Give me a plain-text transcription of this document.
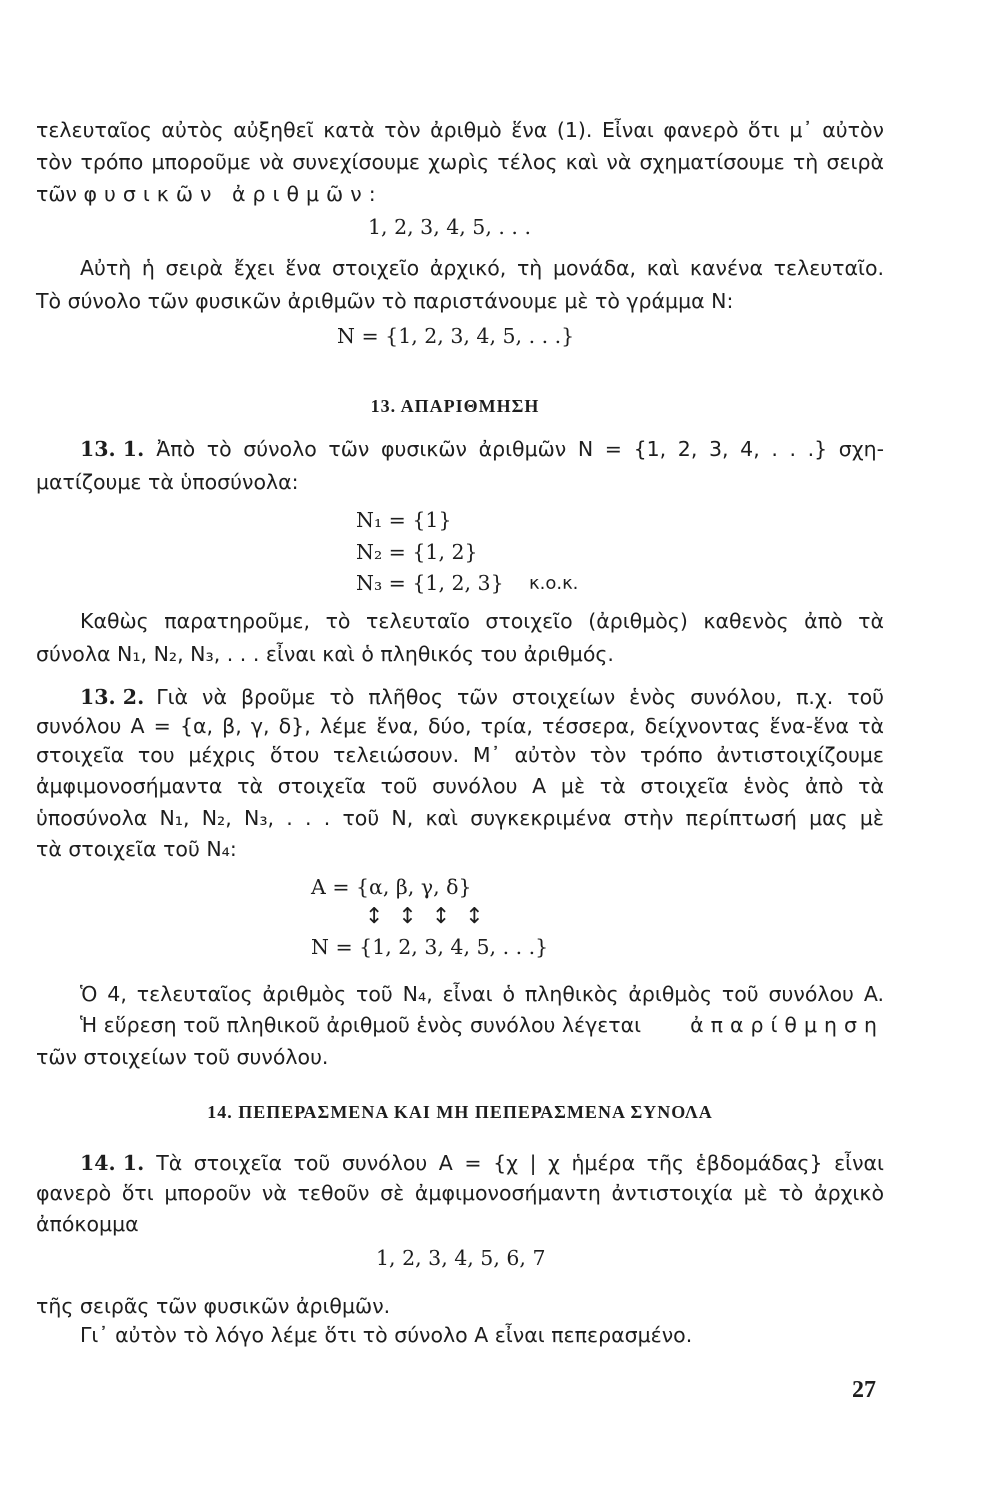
τελευταῖος αὐτὸς αὐξηθεῖ κατὰ τὸν ἀριθμὸ ἕνα (1). Εἶναι φανερὸ ὅτι μ᾽ αὐτὸν
τὸν τρόπο μποροῦμε νὰ συνεχίσουμε χωρὶς τέλος καὶ νὰ σχηματίσουμε τὴ σειρὰ
τῶν φυσικῶν ἀριθμῶν:
1, 2, 3, 4, 5, . . .
Αὐτὴ ἡ σειρὰ ἔχει ἕνα στοιχεῖο ἀρχικό, τὴ μονάδα, καὶ κανένα τελευταῖο.
Τὸ σύνολο τῶν φυσικῶν ἀριθμῶν τὸ παριστάνουμε μὲ τὸ γράμμα N:
N = {1, 2, 3, 4, 5, . . .}
13. ΑΠΑΡΙΘΜΗΣΗ
13. 1. Ἀπὸ τὸ σύνολο τῶν φυσικῶν ἀριθμῶν N = {1, 2, 3, 4, . . .} σχη-
ματίζουμε τὰ ὑποσύνολα:
N₁ = {1}
N₂ = {1, 2}
N₃ = {1, 2, 3} κ.ο.κ.
Καθὼς παρατηροῦμε, τὸ τελευταῖο στοιχεῖο (ἀριθμὸς) καθενὸς ἀπὸ τὰ
σύνολα N₁, N₂, N₃, . . . εἶναι καὶ ὁ πληθικός του ἀριθμός.
13. 2. Γιὰ νὰ βροῦμε τὸ πλῆθος τῶν στοιχείων ἑνὸς συνόλου, π.χ. τοῦ
συνόλου A = {α, β, γ, δ}, λέμε ἕνα, δύο, τρία, τέσσερα, δείχνοντας ἕνα-ἕνα τὰ
στοιχεῖα του μέχρις ὅτου τελειώσουν. Μ᾽ αὐτὸν τὸν τρόπο ἀντιστοιχίζουμε
ἀμφιμονοσήμαντα τὰ στοιχεῖα τοῦ συνόλου A μὲ τὰ στοιχεῖα ἑνὸς ἀπὸ τὰ
ὑποσύνολα N₁, N₂, N₃, . . . τοῦ N, καὶ συγκεκριμένα στὴν περίπτωσή μας μὲ
τὰ στοιχεῖα τοῦ N₄:
A = {α, β, γ, δ}
↕ ↕ ↕ ↕
N = {1, 2, 3, 4, 5, . . .}
Ὁ 4, τελευταῖος ἀριθμὸς τοῦ N₄, εἶναι ὁ πληθικὸς ἀριθμὸς τοῦ συνόλου A.
Ἡ εὕρεση τοῦ πληθικοῦ ἀριθμοῦ ἑνὸς συνόλου λέγεται ἀπαρίθμηση
τῶν στοιχείων τοῦ συνόλου.
14. ΠΕΠΕΡΑΣΜΕΝΑ ΚΑΙ ΜΗ ΠΕΠΕΡΑΣΜΕΝΑ ΣΥΝΟΛΑ
14. 1. Τὰ στοιχεῖα τοῦ συνόλου A = {χ | χ ἡμέρα τῆς ἑβδομάδας} εἶναι
φανερὸ ὅτι μποροῦν νὰ τεθοῦν σὲ ἀμφιμονοσήμαντη ἀντιστοιχία μὲ τὸ ἀρχικὸ
ἀπόκομμα
1, 2, 3, 4, 5, 6, 7
τῆς σειρᾶς τῶν φυσικῶν ἀριθμῶν.
Γι᾽ αὐτὸν τὸ λόγο λέμε ὅτι τὸ σύνολο A εἶναι πεπερασμένο.
27
